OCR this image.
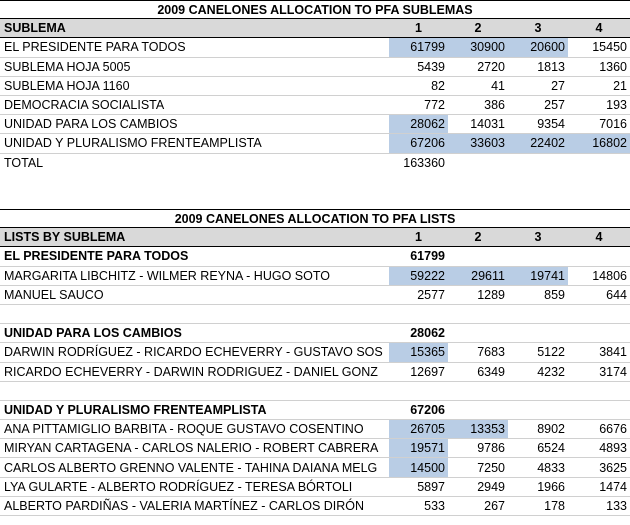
2009 CANELONES ALLOCATION TO PFA SUBLEMAS
SUBLEMA	1	2	3	4
EL PRESIDENTE PARA TODOS	61799	30900	20600	15450
SUBLEMA HOJA 5005	5439	2720	1813	1360
SUBLEMA HOJA 1160	82	41	27	21
DEMOCRACIA SOCIALISTA	772	386	257	193
UNIDAD PARA LOS CAMBIOS	28062	14031	9354	7016
UNIDAD Y PLURALISMO FRENTEAMPLISTA	67206	33603	22402	16802
TOTAL	163360
2009 CANELONES ALLOCATION TO PFA LISTS
LISTS BY SUBLEMA	1	2	3	4
EL PRESIDENTE PARA TODOS	61799
MARGARITA LIBCHITZ - WILMER REYNA - HUGO SOTO	59222	29611	19741	14806
MANUEL SAUCO	2577	1289	859	644
UNIDAD PARA LOS CAMBIOS	28062
DARWIN RODRÍGUEZ - RICARDO ECHEVERRY - GUSTAVO SOS	15365	7683	5122	3841
RICARDO ECHEVERRY - DARWIN RODRIGUEZ - DANIEL GONZ	12697	6349	4232	3174
UNIDAD Y PLURALISMO FRENTEAMPLISTA	67206
ANA PITTAMIGLIO BARBITA - ROQUE GUSTAVO COSENTINO	26705	13353	8902	6676
MIRYAN CARTAGENA - CARLOS NALERIO - ROBERT CABRERA	19571	9786	6524	4893
CARLOS ALBERTO GRENNO VALENTE - TAHINA DAIANA MELG	14500	7250	4833	3625
LYA GULARTE - ALBERTO RODRÍGUEZ - TERESA BÓRTOLI	5897	2949	1966	1474
ALBERTO PARDIÑAS - VALERIA MARTÍNEZ - CARLOS DIRÓN	533	267	178	133
